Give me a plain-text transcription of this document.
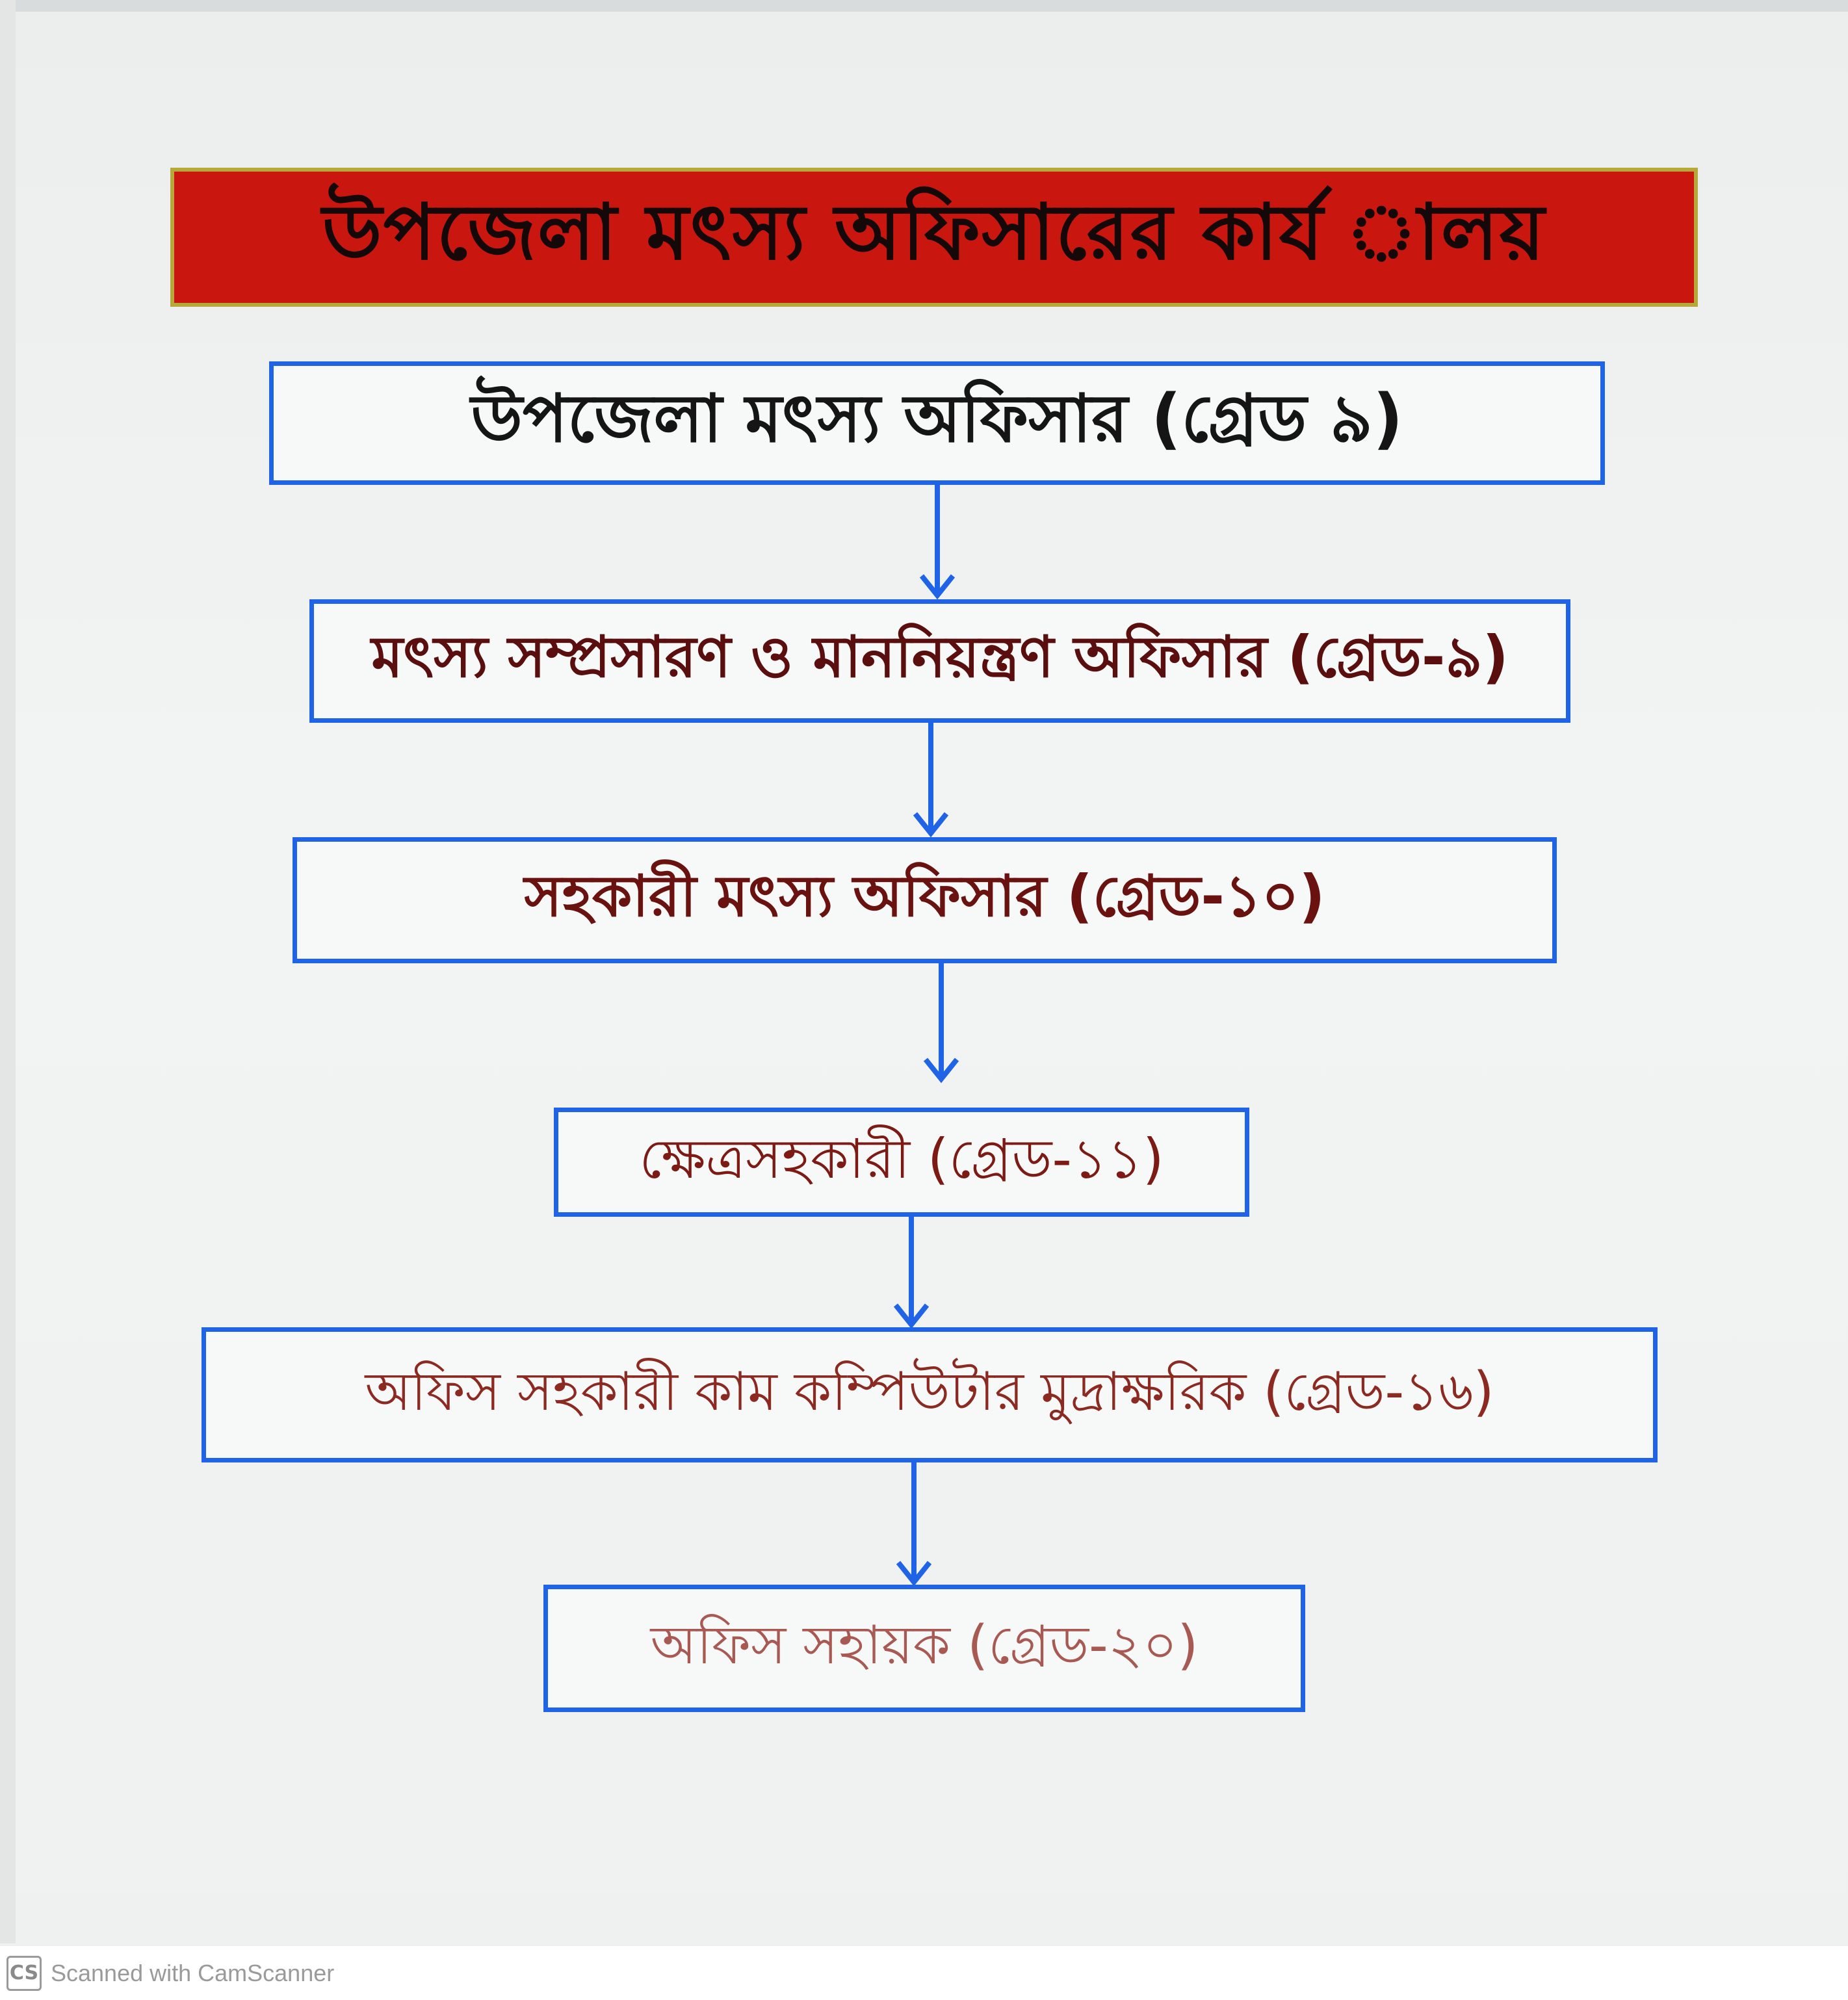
উপজেলা মৎস্য অফিসারের কার্য ালয়
উপজেলা মৎস্য অফিসার (গ্রেড ৯)
মৎস্য সম্প্রসারণ ও মাননিয়ন্ত্রণ অফিসার (গ্রেড-৯)
সহকারী মৎস্য অফিসার (গ্রেড-১০)
ক্ষেত্রসহকারী (গ্রেড-১১)
অফিস সহকারী কাম কম্পিউটার মুদ্রাক্ষরিক (গ্রেড-১৬)
অফিস সহায়ক (গ্রেড-২০)
CS Scanned with CamScanner
